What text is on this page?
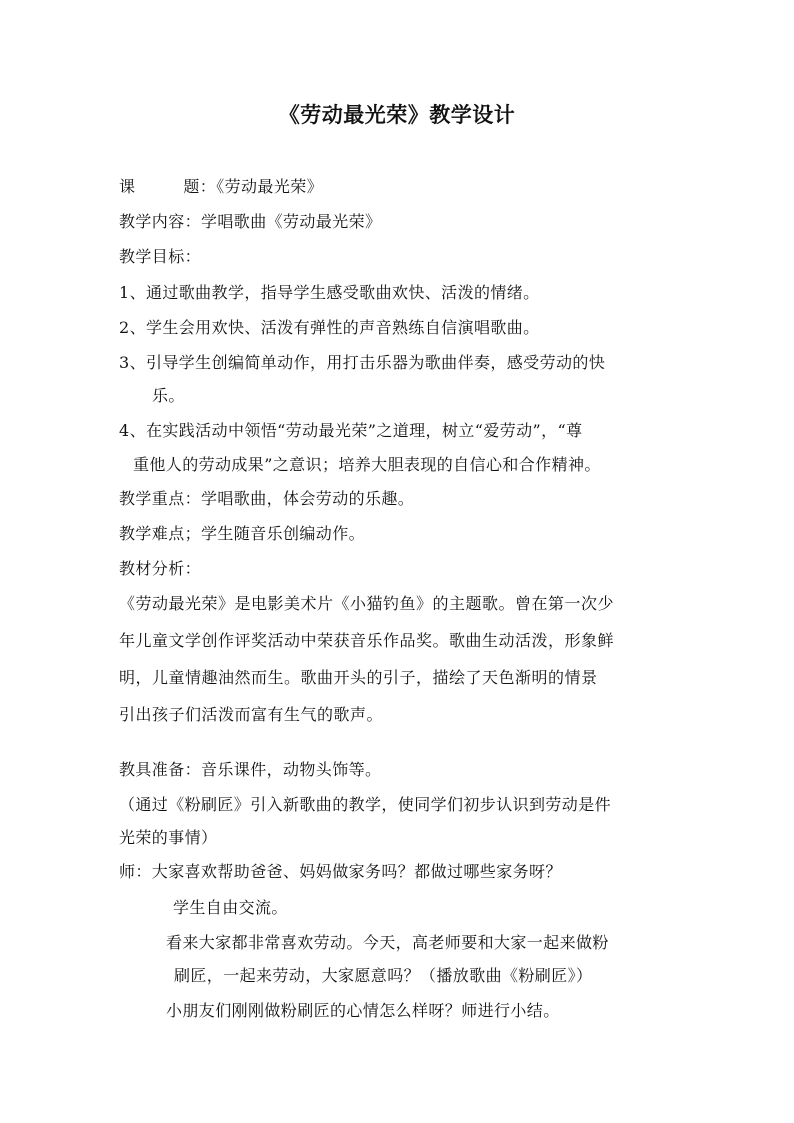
《劳动最光荣》教学设计
课	题：《劳动最光荣》
教学内容：学唱歌曲《劳动最光荣》
教学目标：
1、通过歌曲教学，指导学生感受歌曲欢快、活泼的情绪。
2、学生会用欢快、活泼有弹性的声音熟练自信演唱歌曲。
3、引导学生创编简单动作，用打击乐器为歌曲伴奏，感受劳动的快
乐。
4、在实践活动中领悟“劳动最光荣”之道理，树立“爱劳动”，“尊
重他人的劳动成果”之意识；培养大胆表现的自信心和合作精神。
教学重点：学唱歌曲，体会劳动的乐趣。
教学难点；学生随音乐创编动作。
教材分析：
《劳动最光荣》是电影美术片《小猫钓鱼》的主题歌。曾在第一次少
年儿童文学创作评奖活动中荣获音乐作品奖。歌曲生动活泼，形象鲜
明，儿童情趣油然而生。歌曲开头的引子，描绘了天色渐明的情景
引出孩子们活泼而富有生气的歌声。
教具准备：音乐课件，动物头饰等。
（通过《粉刷匠》引入新歌曲的教学，使同学们初步认识到劳动是件
光荣的事情）
师：大家喜欢帮助爸爸、妈妈做家务吗？都做过哪些家务呀？
学生自由交流。
看来大家都非常喜欢劳动。今天，高老师要和大家一起来做粉
刷匠，一起来劳动，大家愿意吗？（播放歌曲《粉刷匠》）
小朋友们刚刚做粉刷匠的心情怎么样呀？师进行小结。
